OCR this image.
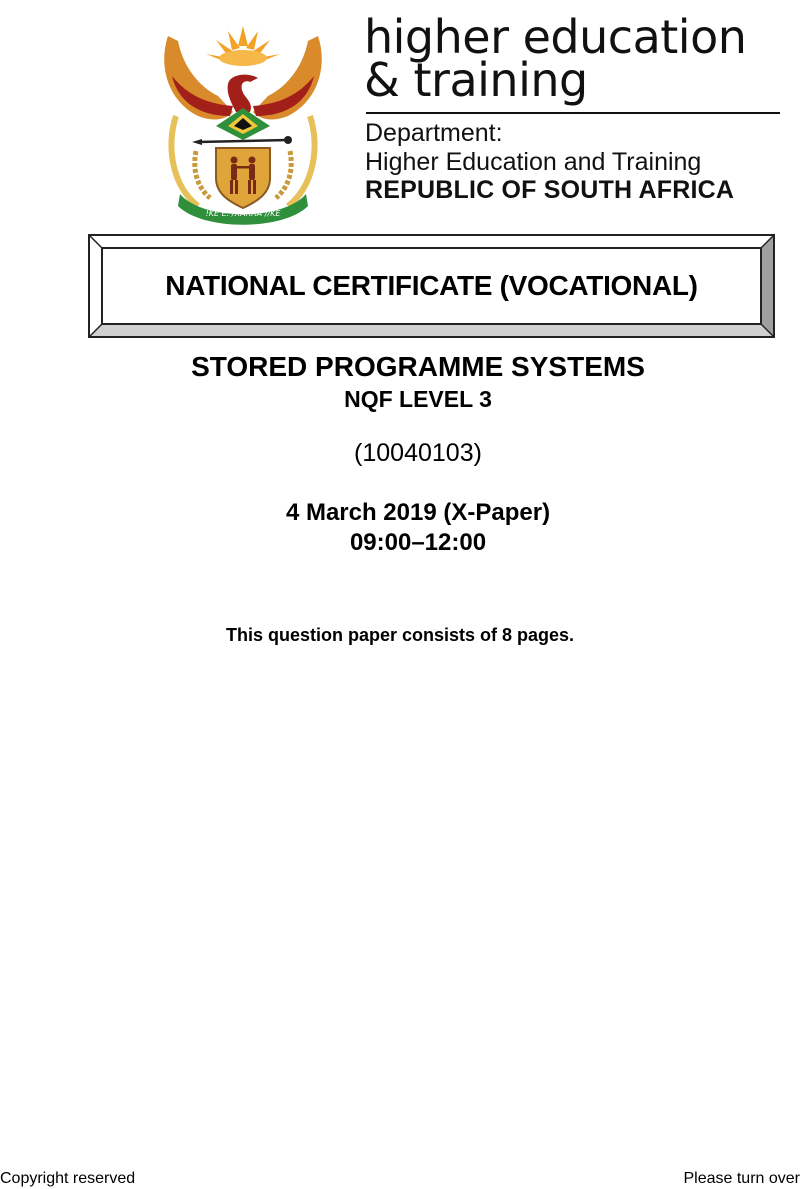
!KE E: /XARRA //KE
higher education
& training
Department:
Higher Education and Training
REPUBLIC OF SOUTH AFRICA
NATIONAL CERTIFICATE (VOCATIONAL)
STORED PROGRAMME SYSTEMS
NQF LEVEL 3
(10040103)
4 March 2019 (X-Paper)
09:00–12:00
This question paper consists of 8 pages.
Copyright reserved	Please turn over
